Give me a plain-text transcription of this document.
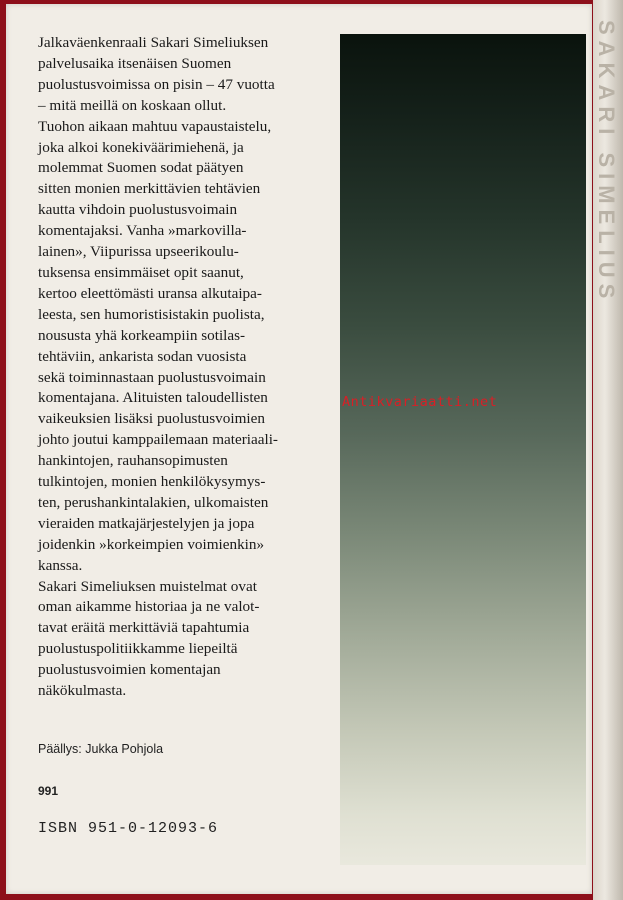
SAKARI SIMELIUS

Jalkaväenkenraali Sakari Simeliuksen

palvelusaika itsenäisen Suomen

puolustusvoimissa on pisin – 47 vuotta

– mitä meillä on koskaan ollut.

Tuohon aikaan mahtuu vapaustaistelu,

joka alkoi konekiväärimiehenä, ja

molemmat Suomen sodat päätyen

sitten monien merkittävien tehtävien

kautta vihdoin puolustusvoimain

komentajaksi. Vanha »markovilla-

lainen», Viipurissa upseerikoulu-

tuksensa ensimmäiset opit saanut,

kertoo eleettömästi uransa alkutaipa-

leesta, sen humoristisistakin puolista,

noususta yhä korkeampiin sotilas-

tehtäviin, ankarista sodan vuosista

sekä toiminnastaan puolustusvoimain

komentajana. Alituisten taloudellisten

vaikeuksien lisäksi puolustusvoimien

johto joutui kamppailemaan materiaali-

hankintojen, rauhansopimusten

tulkintojen, monien henkilökysymys-

ten, perushankintalakien, ulkomaisten

vieraiden matkajärjestelyjen ja jopa

joidenkin »korkeimpien voimienkin»

kanssa.

Sakari Simeliuksen muistelmat ovat

oman aikamme historiaa ja ne valot-

tavat eräitä merkittäviä tapahtumia

puolustuspolitiikkamme liepeiltä

puolustusvoimien komentajan

näkökulmasta.

Päällys: Jukka Pohjola
991
ISBN 951-0-12093-6
Antikvariaatti.net
